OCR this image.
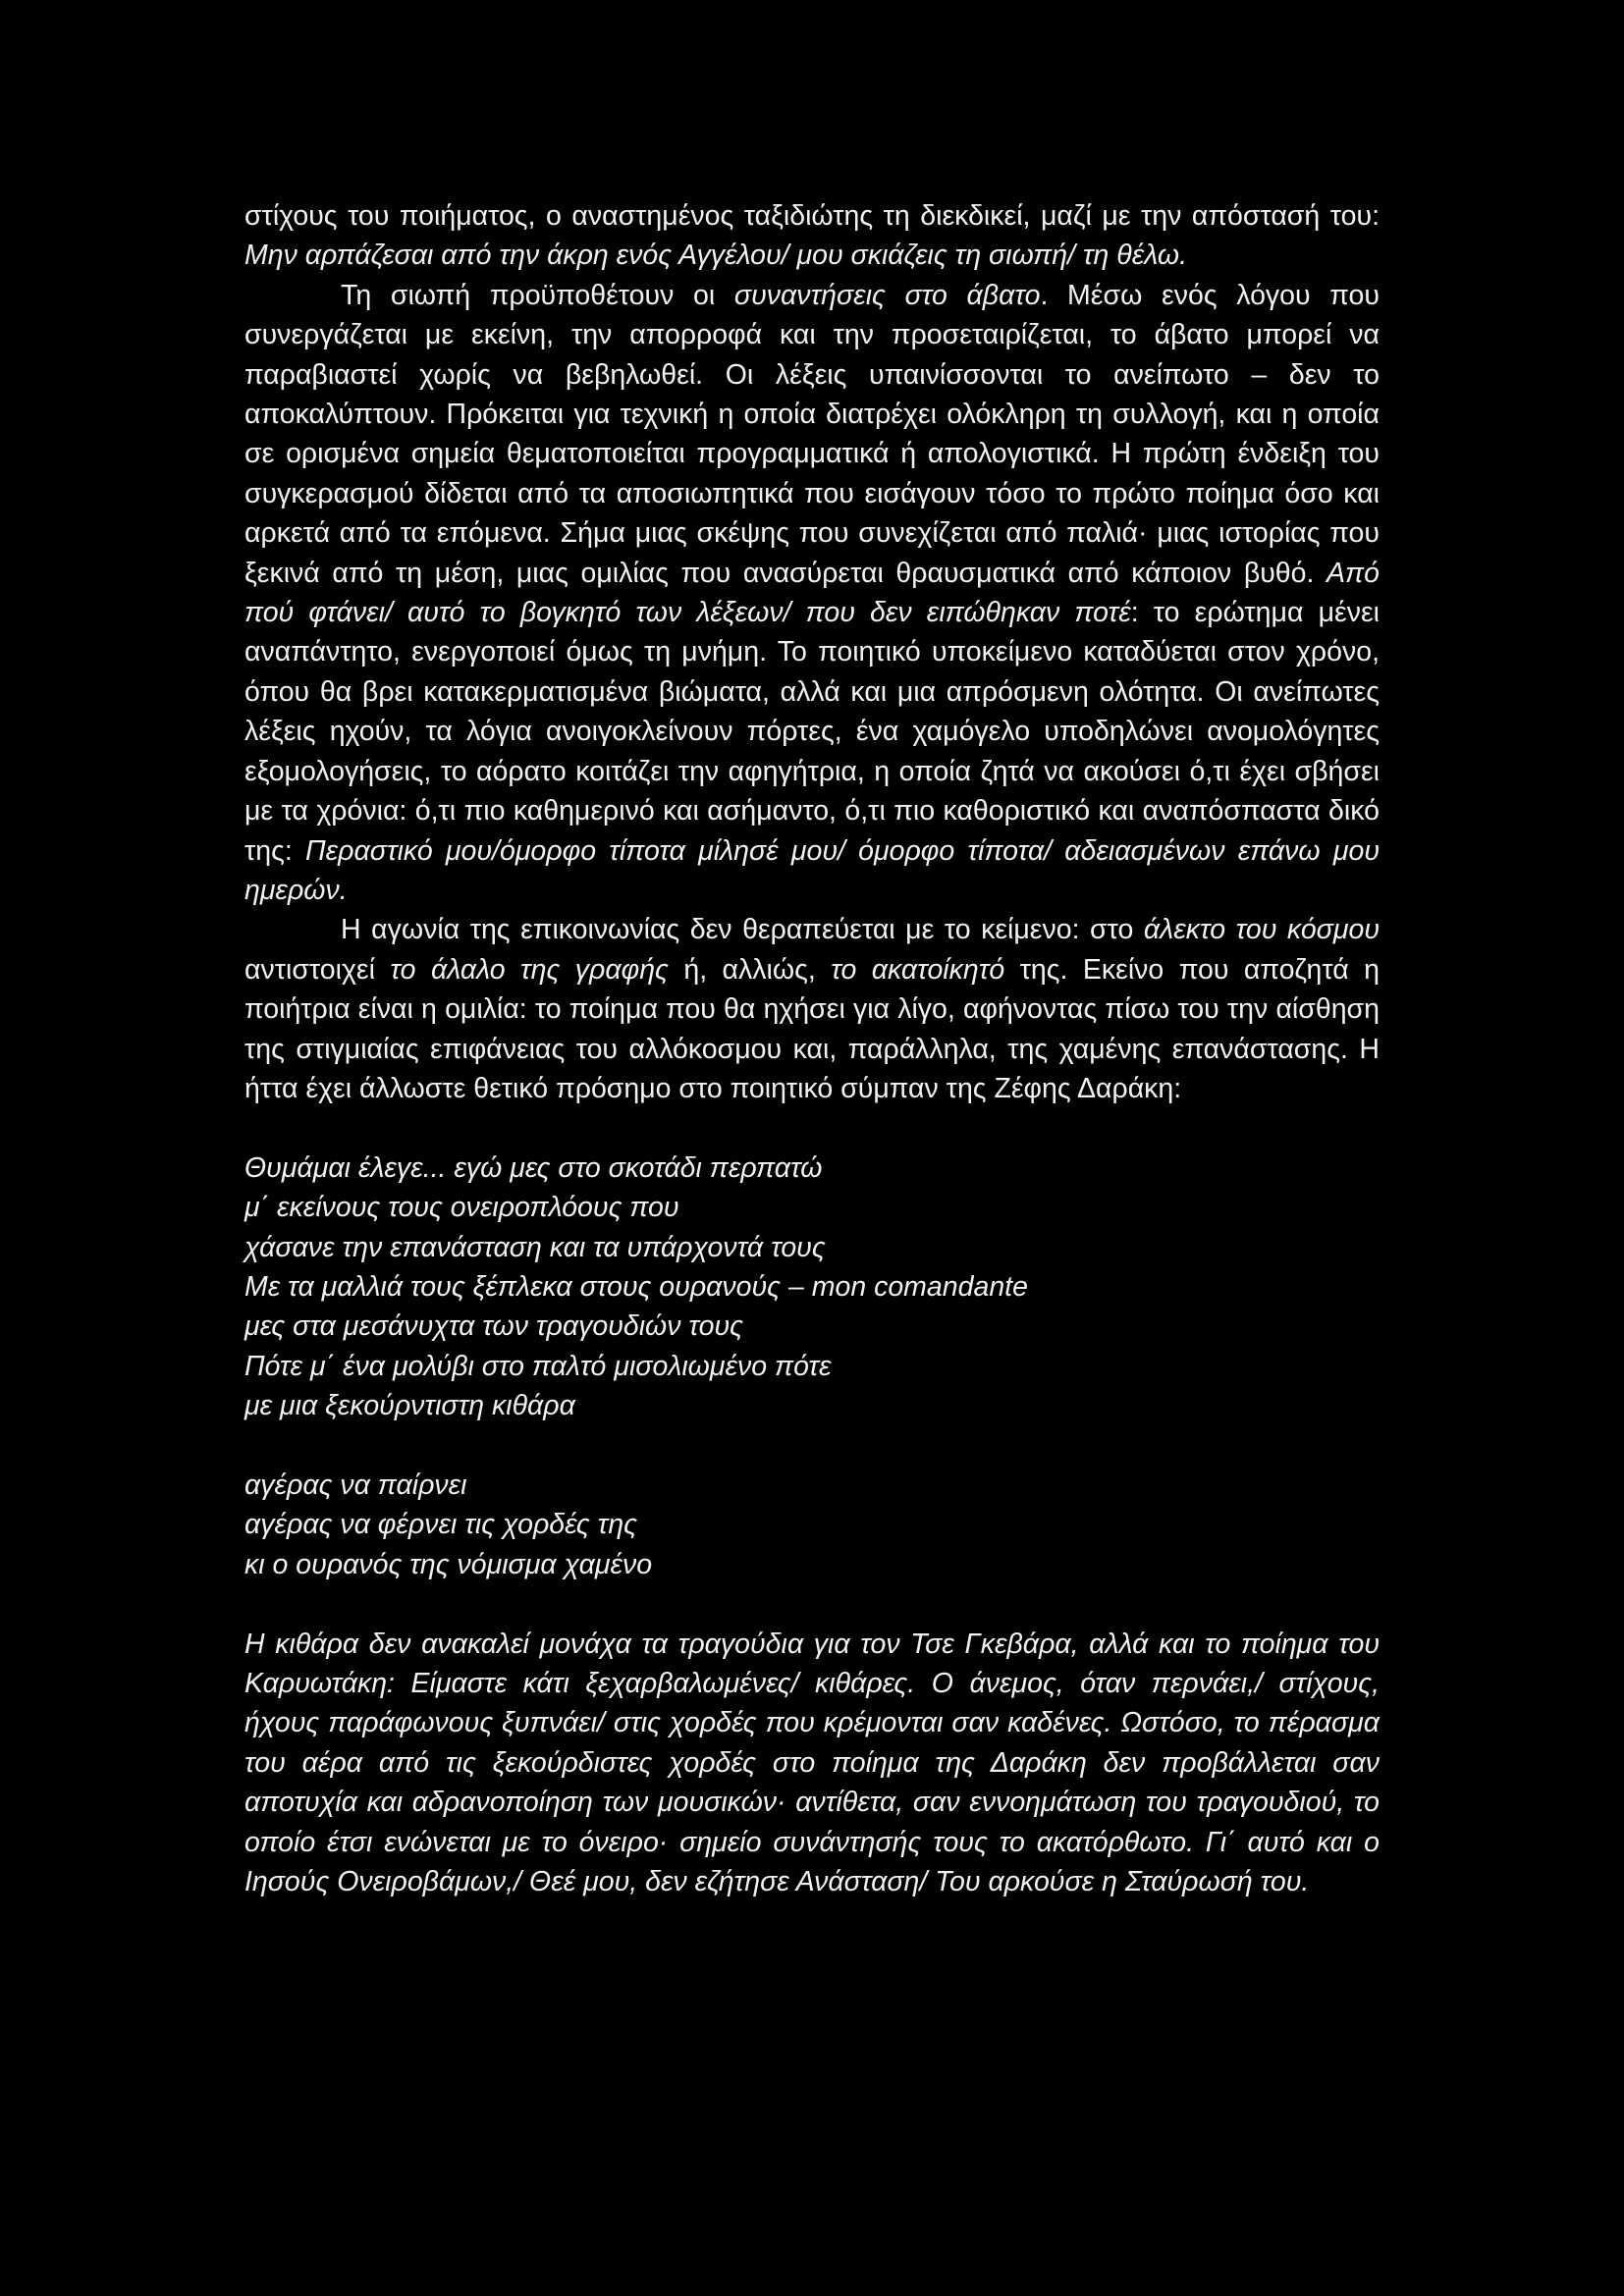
στίχους του ποιήματος, ο αναστημένος ταξιδιώτης τη διεκδικεί, μαζί με την απόστασή του: Μην αρπάζεσαι από την άκρη ενός Αγγέλου/ μου σκιάζεις τη σιωπή/ τη θέλω.

Τη σιωπή προϋποθέτουν οι συναντήσεις στο άβατο. Μέσω ενός λόγου που συνεργάζεται με εκείνη, την απορροφά και την προσεταιρίζεται, το άβατο μπορεί να παραβιαστεί χωρίς να βεβηλωθεί. Οι λέξεις υπαινίσσονται το ανείπωτο – δεν το αποκαλύπτουν. Πρόκειται για τεχνική η οποία διατρέχει ολόκληρη τη συλλογή, και η οποία σε ορισμένα σημεία θεματοποιείται προγραμματικά ή απολογιστικά. Η πρώτη ένδειξη του συγκερασμού δίδεται από τα αποσιωπητικά που εισάγουν τόσο το πρώτο ποίημα όσο και αρκετά από τα επόμενα. Σήμα μιας σκέψης που συνεχίζεται από παλιά· μιας ιστορίας που ξεκινά από τη μέση, μιας ομιλίας που ανασύρεται θραυσματικά από κάποιον βυθό. Από πού φτάνει/ αυτό το βογκητό των λέξεων/ που δεν ειπώθηκαν ποτέ: το ερώτημα μένει αναπάντητο, ενεργοποιεί όμως τη μνήμη. Το ποιητικό υποκείμενο καταδύεται στον χρόνο, όπου θα βρει κατακερματισμένα βιώματα, αλλά και μια απρόσμενη ολότητα. Οι ανείπωτες λέξεις ηχούν, τα λόγια ανοιγοκλείνουν πόρτες, ένα χαμόγελο υποδηλώνει ανομολόγητες εξομολογήσεις, το αόρατο κοιτάζει την αφηγήτρια, η οποία ζητά να ακούσει ό,τι έχει σβήσει με τα χρόνια: ό,τι πιο καθημερινό και ασήμαντο, ό,τι πιο καθοριστικό και αναπόσπαστα δικό της: Περαστικό μου/όμορφο τίποτα μίλησέ μου/ όμορφο τίποτα/ αδειασμένων επάνω μου ημερών.

Η αγωνία της επικοινωνίας δεν θεραπεύεται με το κείμενο: στο άλεκτο του κόσμου αντιστοιχεί το άλαλο της γραφής ή, αλλιώς, το ακατοίκητό της. Εκείνο που αποζητά η ποιήτρια είναι η ομιλία: το ποίημα που θα ηχήσει για λίγο, αφήνοντας πίσω του την αίσθηση της στιγμιαίας επιφάνειας του αλλόκοσμου και, παράλληλα, της χαμένης επανάστασης. Η ήττα έχει άλλωστε θετικό πρόσημο στο ποιητικό σύμπαν της Ζέφης Δαράκη:

Θυμάμαι έλεγε... εγώ μες στο σκοτάδι περπατώ
μ΄ εκείνους τους ονειροπλόους που
χάσανε την επανάσταση και τα υπάρχοντά τους
Με τα μαλλιά τους ξέπλεκα στους ουρανούς – mon comandante
μες στα μεσάνυχτα των τραγουδιών τους
Πότε μ΄ ένα μολύβι στο παλτό μισολιωμένο πότε
με μια ξεκούρντιστη κιθάρα
αγέρας να παίρνει
αγέρας να φέρνει τις χορδές της
κι ο ουρανός της νόμισμα χαμένο

Η κιθάρα δεν ανακαλεί μονάχα τα τραγούδια για τον Τσε Γκεβάρα, αλλά και το ποίημα του Καρυωτάκη: Είμαστε κάτι ξεχαρβαλωμένες/ κιθάρες. Ο άνεμος, όταν περνάει,/ στίχους, ήχους παράφωνους ξυπνάει/ στις χορδές που κρέμονται σαν καδένες. Ωστόσο, το πέρασμα του αέρα από τις ξεκούρδιστες χορδές στο ποίημα της Δαράκη δεν προβάλλεται σαν αποτυχία και αδρανοποίηση των μουσικών· αντίθετα, σαν εννοημάτωση του τραγουδιού, το οποίο έτσι ενώνεται με το όνειρο· σημείο συνάντησής τους το ακατόρθωτο. Γι΄ αυτό και ο Ιησούς Ονειροβάμων,/ Θεέ μου, δεν εζήτησε Ανάσταση/ Του αρκούσε η Σταύρωσή του.
